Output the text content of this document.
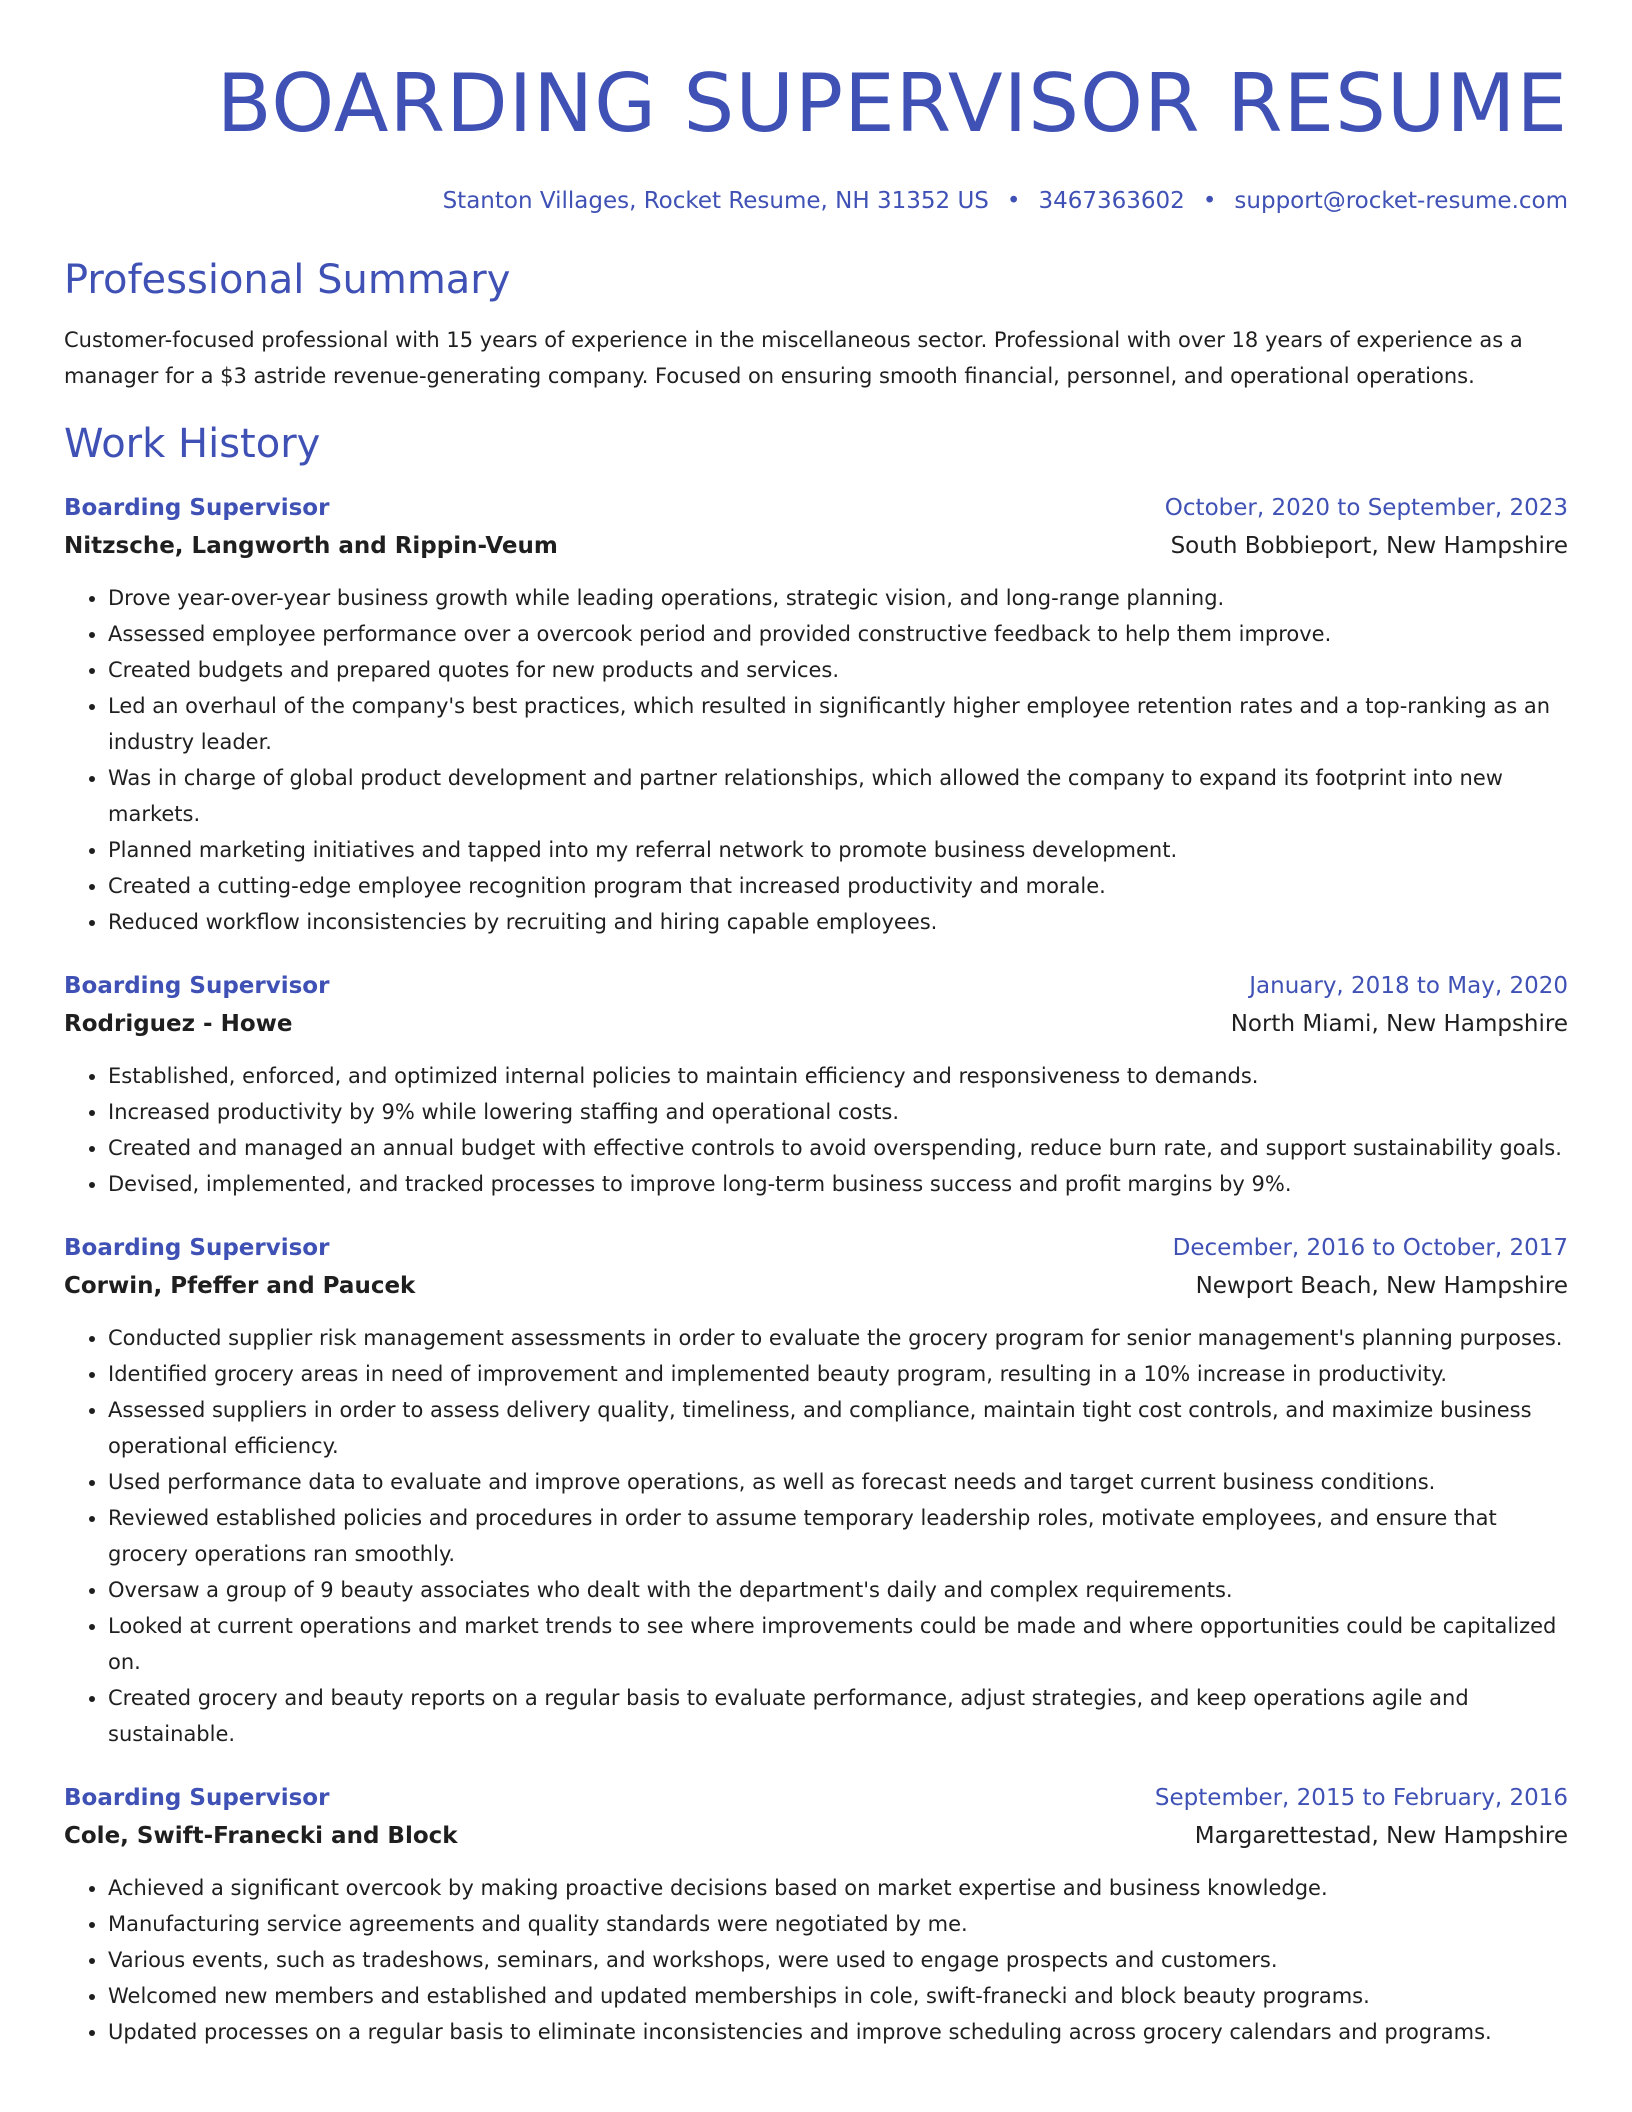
BOARDING SUPERVISOR RESUME
Stanton Villages, Rocket Resume, NH 31352 US • 3467363602 • support@rocket-resume.com
Professional Summary
Customer-focused professional with 15 years of experience in the miscellaneous sector. Professional with over 18 years of experience as a manager for a $3 astride revenue-generating company. Focused on ensuring smooth financial, personnel, and operational operations.
Work History
Boarding Supervisor	October, 2020 to September, 2023
Nitzsche, Langworth and Rippin-Veum	South Bobbieport, New Hampshire
• Drove year-over-year business growth while leading operations, strategic vision, and long-range planning.
• Assessed employee performance over a overcook period and provided constructive feedback to help them improve.
• Created budgets and prepared quotes for new products and services.
• Led an overhaul of the company's best practices, which resulted in significantly higher employee retention rates and a top-ranking as an industry leader.
• Was in charge of global product development and partner relationships, which allowed the company to expand its footprint into new markets.
• Planned marketing initiatives and tapped into my referral network to promote business development.
• Created a cutting-edge employee recognition program that increased productivity and morale.
• Reduced workflow inconsistencies by recruiting and hiring capable employees.
Boarding Supervisor	January, 2018 to May, 2020
Rodriguez - Howe	North Miami, New Hampshire
• Established, enforced, and optimized internal policies to maintain efficiency and responsiveness to demands.
• Increased productivity by 9% while lowering staffing and operational costs.
• Created and managed an annual budget with effective controls to avoid overspending, reduce burn rate, and support sustainability goals.
• Devised, implemented, and tracked processes to improve long-term business success and profit margins by 9%.
Boarding Supervisor	December, 2016 to October, 2017
Corwin, Pfeffer and Paucek	Newport Beach, New Hampshire
• Conducted supplier risk management assessments in order to evaluate the grocery program for senior management's planning purposes.
• Identified grocery areas in need of improvement and implemented beauty program, resulting in a 10% increase in productivity.
• Assessed suppliers in order to assess delivery quality, timeliness, and compliance, maintain tight cost controls, and maximize business operational efficiency.
• Used performance data to evaluate and improve operations, as well as forecast needs and target current business conditions.
• Reviewed established policies and procedures in order to assume temporary leadership roles, motivate employees, and ensure that grocery operations ran smoothly.
• Oversaw a group of 9 beauty associates who dealt with the department's daily and complex requirements.
• Looked at current operations and market trends to see where improvements could be made and where opportunities could be capitalized on.
• Created grocery and beauty reports on a regular basis to evaluate performance, adjust strategies, and keep operations agile and sustainable.
Boarding Supervisor	September, 2015 to February, 2016
Cole, Swift-Franecki and Block	Margarettestad, New Hampshire
• Achieved a significant overcook by making proactive decisions based on market expertise and business knowledge.
• Manufacturing service agreements and quality standards were negotiated by me.
• Various events, such as tradeshows, seminars, and workshops, were used to engage prospects and customers.
• Welcomed new members and established and updated memberships in cole, swift-franecki and block beauty programs.
• Updated processes on a regular basis to eliminate inconsistencies and improve scheduling across grocery calendars and programs.
